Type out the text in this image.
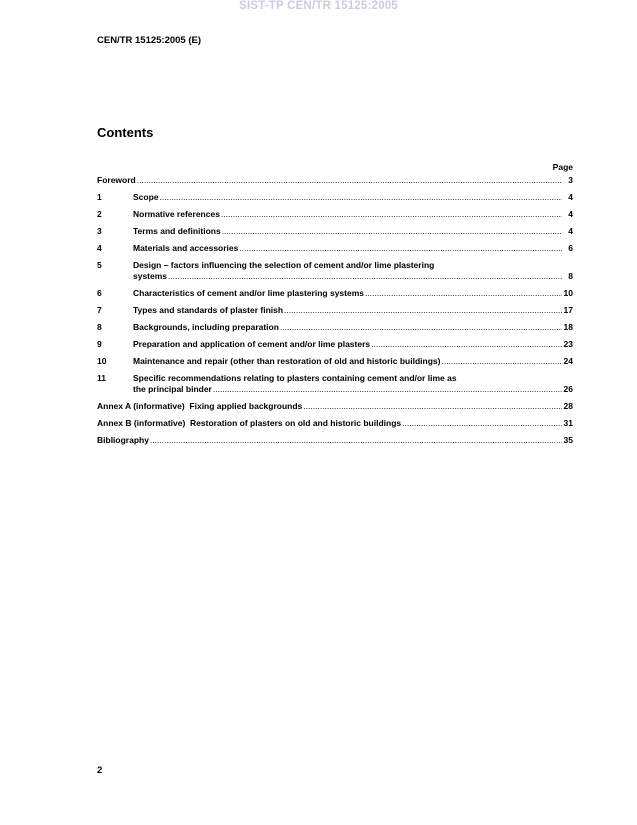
SIST-TP CEN/TR 15125:2005
CEN/TR 15125:2005 (E)
Contents
Page
Foreword .....	3
1	Scope .....	4
2	Normative references .....	4
3	Terms and definitions .....	4
4	Materials and accessories .....	6
5	Design – factors influencing the selection of cement and/or lime plastering
systems .....	8
6	Characteristics of cement and/or lime plastering systems .....	10
7	Types and standards of plaster finish .....	17
8	Backgrounds, including preparation .....	18
9	Preparation and application of cement and/or lime plasters .....	23
10	Maintenance and repair (other than restoration of old and historic buildings) .....	24
11	Specific recommendations relating to plasters containing cement and/or lime as
the principal binder .....	26
Annex A (informative)  Fixing applied backgrounds .....	28
Annex B (informative)  Restoration of plasters on old and historic buildings .....	31
Bibliography .....	35
2
